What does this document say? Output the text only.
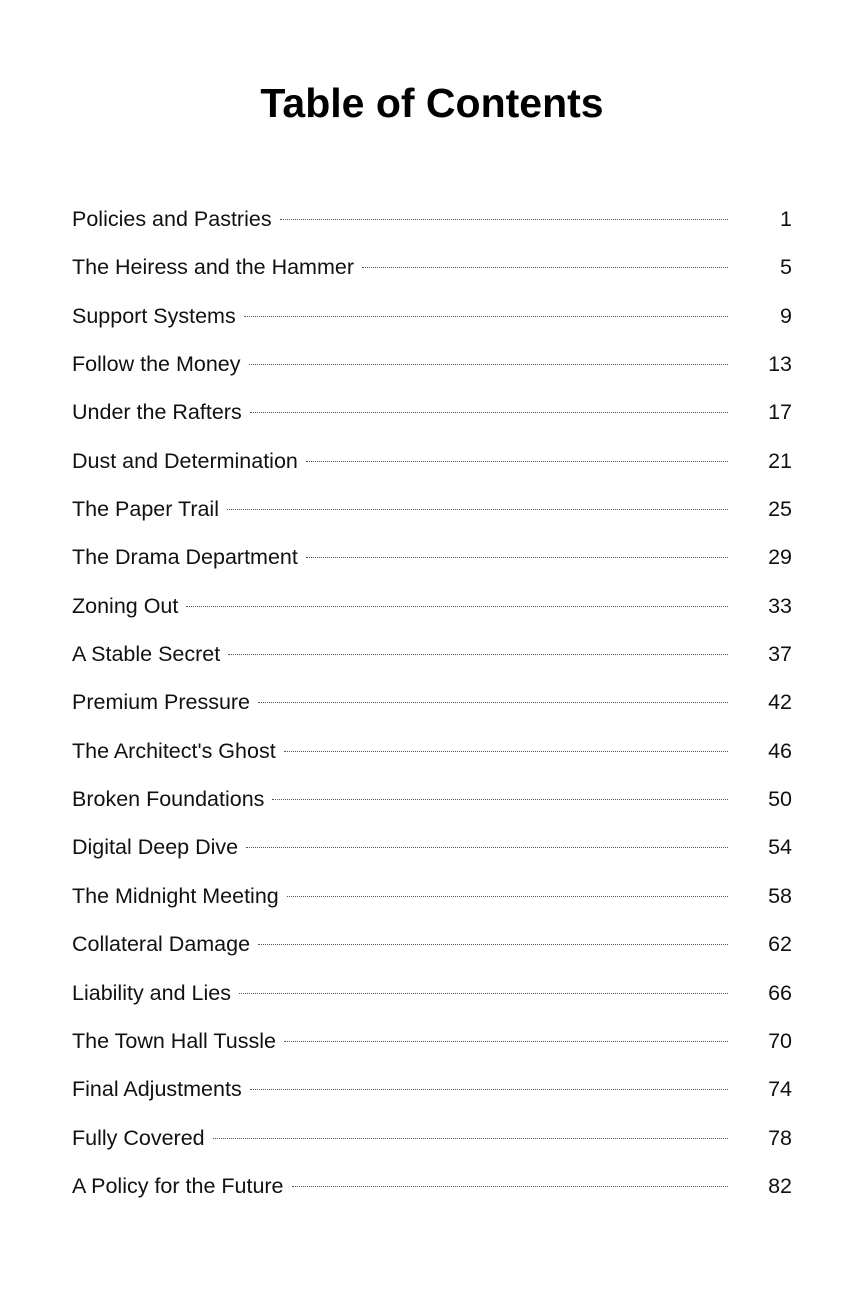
Table of Contents
Policies and Pastries	1
The Heiress and the Hammer	5
Support Systems	9
Follow the Money	13
Under the Rafters	17
Dust and Determination	21
The Paper Trail	25
The Drama Department	29
Zoning Out	33
A Stable Secret	37
Premium Pressure	42
The Architect's Ghost	46
Broken Foundations	50
Digital Deep Dive	54
The Midnight Meeting	58
Collateral Damage	62
Liability and Lies	66
The Town Hall Tussle	70
Final Adjustments	74
Fully Covered	78
A Policy for the Future	82
